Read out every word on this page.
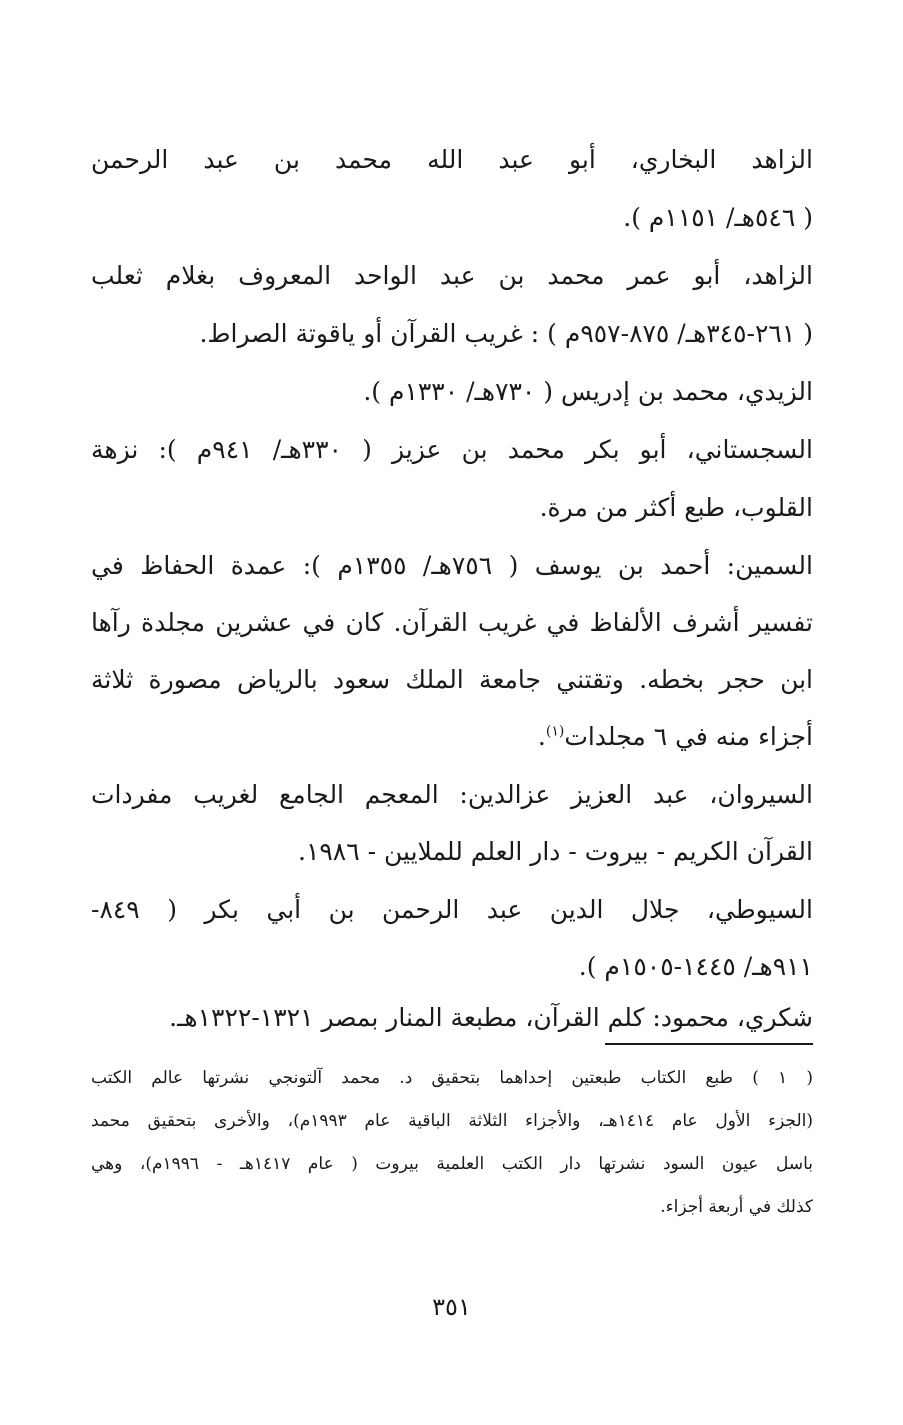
الزاهد البخاري، أبو عبد الله محمد بن عبد الرحمن
( ٥٤٦هـ/ ١١٥١م ).
الزاهد، أبو عمر محمد بن عبد الواحد المعروف بغلام ثعلب
( ٢٦١-٣٤٥هـ/ ٨٧٥-٩٥٧م ) : غريب القرآن أو ياقوتة الصراط.
الزيدي، محمد بن إدريس ( ٧٣٠هـ/ ١٣٣٠م ).
السجستاني، أبو بكر محمد بن عزيز ( ٣٣٠هـ/ ٩٤١م ): نزهة
القلوب، طبع أكثر من مرة.
السمين: أحمد بن يوسف ( ٧٥٦هـ/ ١٣٥٥م ): عمدة الحفاظ في
تفسير أشرف الألفاظ في غريب القرآن. كان في عشرين مجلدة رآها
ابن حجر بخطه. وتقتني جامعة الملك سعود بالرياض مصورة ثلاثة
أجزاء منه في ٦ مجلدات$^{(١)}$.
السيروان، عبد العزيز عزالدين: المعجم الجامع لغريب مفردات
القرآن الكريم - بيروت - دار العلم للملايين - ١٩٨٦.
السيوطي، جلال الدين عبد الرحمن بن أبي بكر ( ٨٤٩-
٩١١هـ/ ١٤٤٥-١٥٠٥م ).
شكري، محمود: كلم القرآن، مطبعة المنار بمصر ١٣٢١-١٣٢٢هـ.
( ١ ) طبع الكتاب طبعتين إحداهما بتحقيق د. محمد آلتونجي نشرتها عالم الكتب
(الجزء الأول عام ١٤١٤هـ، والأجزاء الثلاثة الباقية عام ١٩٩٣م)، والأخرى بتحقيق محمد
باسل عيون السود نشرتها دار الكتب العلمية بيروت ( عام ١٤١٧هـ - ١٩٩٦م)، وهي
كذلك في أربعة أجزاء.
٣٥١
